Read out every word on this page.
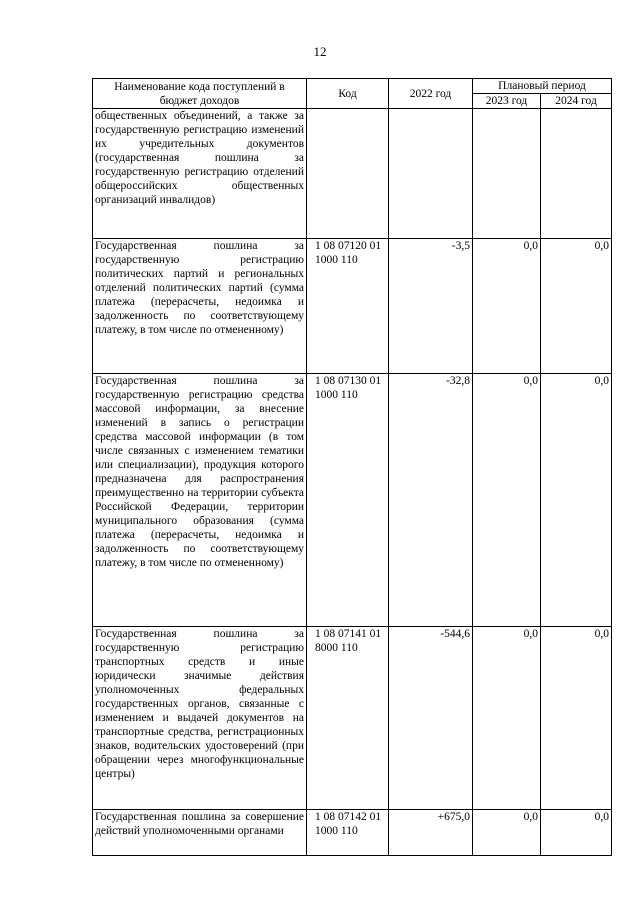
12
Наименование кода поступлений в бюджет доходов	Код	2022 год	Плановый период	
			2023 год	2024 год
общественных объединений, а также за государственную регистрацию изменений их учредительных документов (государственная пошлина за государственную регистрацию отделений общероссийских общественных организаций инвалидов)				
Государственная пошлина за государственную регистрацию политических партий и региональных отделений политических партий (сумма платежа (перерасчеты, недоимка и задолженность по соответствующему платежу, в том числе по отмененному)	1 08 07120 01 1000 110	-3,5	0,0	0,0
Государственная пошлина за государственную регистрацию средства массовой информации, за внесение изменений в запись о регистрации средства массовой информации (в том числе связанных с изменением тематики или специализации), продукция которого предназначена для распространения преимущественно на территории субъекта Российской Федерации, территории муниципального образования (сумма платежа (перерасчеты, недоимка и задолженность по соответствующему платежу, в том числе по отмененному)	1 08 07130 01 1000 110	-32,8	0,0	0,0
Государственная пошлина за государственную регистрацию транспортных средств и иные юридически значимые действия уполномоченных федеральных государственных органов, связанные с изменением и выдачей документов на транспортные средства, регистрационных знаков, водительских удостоверений (при обращении через многофункциональные центры)	1 08 07141 01 8000 110	-544,6	0,0	0,0
Государственная пошлина за совершение действий уполномоченными органами	1 08 07142 01 1000 110	+675,0	0,0	0,0
